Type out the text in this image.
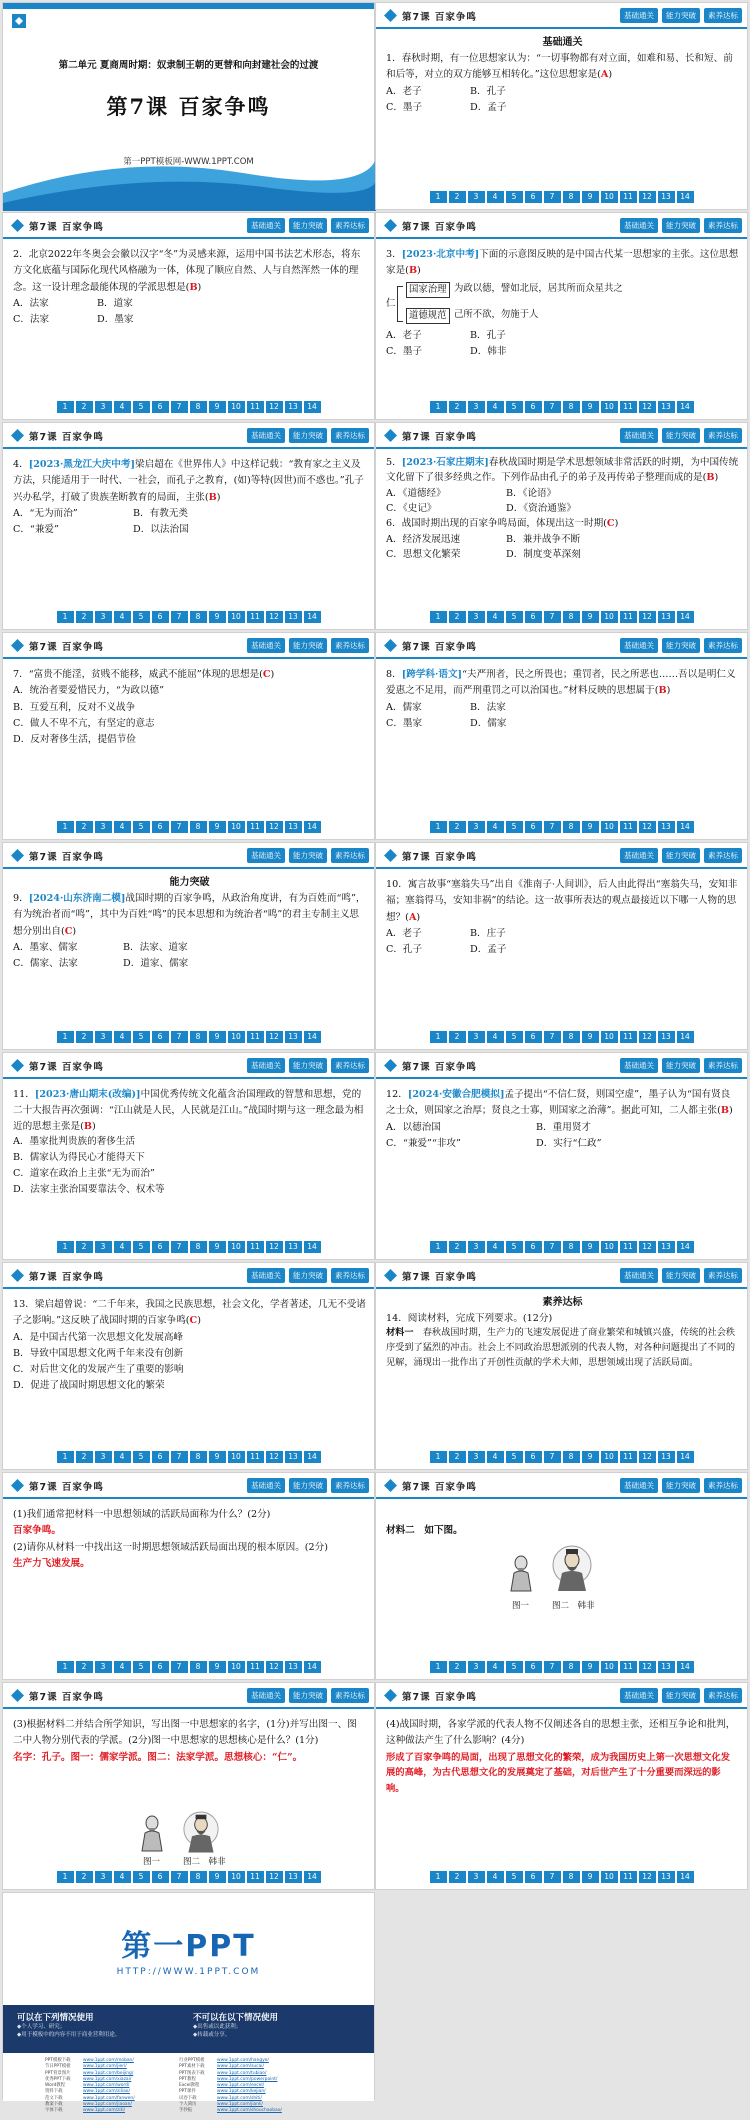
第二单元 夏商周时期：奴隶制王朝的更替和向封建社会的过渡
第7课 百家争鸣
第一PPT模板网-WWW.1PPT.COM
第7课 百家争鸣	基础通关	能力突破	素养达标
基础通关
1．春秋时期，有一位思想家认为：“一切事物都有对立面，如难和易、长和短、前和后等，对立的双方能够互相转化。”这位思想家是(A)
A．老子	B．孔子
C．墨子	D．孟子
1	2	3	4	5	6	7	8	9	10	11	12	13	14
第7课 百家争鸣	基础通关	能力突破	素养达标
2．北京2022年冬奥会会徽以汉字“冬”为灵感来源，运用中国书法艺术形态，将东方文化底蕴与国际化现代风格融为一体，体现了顺应自然、人与自然浑然一体的理念。这一设计理念最能体现的学派思想是(B)
A．法家	B．道家
C．法家	D．墨家
1	2	3	4	5	6	7	8	9	10	11	12	13	14
第7课 百家争鸣	基础通关	能力突破	素养达标
3．[2023·北京中考]下面的示意图反映的是中国古代某一思想家的主张。这位思想家是(B)
仁
国家治理 为政以德，譬如北辰，居其所而众星共之
道德规范 己所不欲，勿施于人
A．老子	B．孔子
C．墨子	D．韩非
1	2	3	4	5	6	7	8	9	10	11	12	13	14
第7课 百家争鸣	基础通关	能力突破	素养达标
4．[2023·黑龙江大庆中考]梁启超在《世界伟人》中这样记载：“教育家之主义及方法，只能适用于一时代、一社会，而孔子之教育，(如)等特(因世)而不惑也。”孔子兴办私学，打破了贵族垄断教育的局面，主张(B)
A．“无为而治”	B．有教无类
C．“兼爱”	D．以法治国
1	2	3	4	5	6	7	8	9	10	11	12	13	14
第7课 百家争鸣	基础通关	能力突破	素养达标
5．[2023·石家庄期末]春秋战国时期是学术思想领域非常活跃的时期，为中国传统文化留下了很多经典之作。下列作品由孔子的弟子及再传弟子整理而成的是(B)
A．《道德经》	B．《论语》
C．《史记》	D．《资治通鉴》
6．战国时期出现的百家争鸣局面，体现出这一时期(C)
A．经济发展迅速	B．兼并战争不断
C．思想文化繁荣	D．制度变革深刻
1	2	3	4	5	6	7	8	9	10	11	12	13	14
第7课 百家争鸣	基础通关	能力突破	素养达标
7．“富贵不能淫，贫贱不能移，威武不能屈”体现的思想是(C)
A．统治者要爱惜民力，“为政以德”
B．互爱互利，反对不义战争
C．做人不卑不亢，有坚定的意志
D．反对奢侈生活，提倡节俭
1	2	3	4	5	6	7	8	9	10	11	12	13	14
第7课 百家争鸣	基础通关	能力突破	素养达标
8．[跨学科·语文]“夫严刑者，民之所畏也；重罚者，民之所恶也……吾以是明仁义爱惠之不足用，而严刑重罚之可以治国也。”材料反映的思想属于(B)
A．儒家	B．法家
C．墨家	D．儒家
1	2	3	4	5	6	7	8	9	10	11	12	13	14
第7课 百家争鸣	基础通关	能力突破	素养达标
能力突破
9．[2024·山东济南二模]战国时期的百家争鸣，从政治角度讲，有为百姓而“鸣”，有为统治者而“鸣”，其中为百姓“鸣”的民本思想和为统治者“鸣”的君主专制主义思想分别出自(C)
A．墨家、儒家	B．法家、道家
C．儒家、法家	D．道家、儒家
1	2	3	4	5	6	7	8	9	10	11	12	13	14
第7课 百家争鸣	基础通关	能力突破	素养达标
10．寓言故事“塞翁失马”出自《淮南子·人间训》，后人由此得出“塞翁失马，安知非福；塞翁得马，安知非祸”的结论。这一故事所表达的观点最接近以下哪一人物的思想？(A)
A．老子	B．庄子
C．孔子	D．孟子
1	2	3	4	5	6	7	8	9	10	11	12	13	14
第7课 百家争鸣	基础通关	能力突破	素养达标
11．[2023·唐山期末(改编)]中国优秀传统文化蕴含治国理政的智慧和思想，党的二十大报告再次强调：“江山就是人民，人民就是江山。”战国时期与这一理念最为相近的思想主张是(B)
A．墨家批判贵族的奢侈生活
B．儒家认为得民心才能得天下
C．道家在政治上主张“无为而治”
D．法家主张治国要靠法令、权术等
1	2	3	4	5	6	7	8	9	10	11	12	13	14
第7课 百家争鸣	基础通关	能力突破	素养达标
12．[2024·安徽合肥模拟]孟子提出“不信仁贤，则国空虚”，墨子认为“国有贤良之士众，则国家之治厚；贤良之士寡，则国家之治薄”。据此可知，二人都主张(B)
A．以德治国	B．重用贤才
C．“兼爱”“非攻”	D．实行“仁政”
1	2	3	4	5	6	7	8	9	10	11	12	13	14
第7课 百家争鸣	基础通关	能力突破	素养达标
13．梁启超曾说：“二千年来，我国之民族思想，社会文化，学者著述，几无不受诸子之影响。”这反映了战国时期的百家争鸣(C)
A．是中国古代第一次思想文化发展高峰
B．导致中国思想文化两千年来没有创新
C．对后世文化的发展产生了重要的影响
D．促进了战国时期思想文化的繁荣
1	2	3	4	5	6	7	8	9	10	11	12	13	14
第7课 百家争鸣	基础通关	能力突破	素养达标
素养达标
14．阅读材料，完成下列要求。(12分)
材料一　 春秋战国时期，生产力的飞速发展促进了商业繁荣和城镇兴盛，传统的社会秩序受到了猛烈的冲击。社会上不同政治思想派别的代表人物，对各种问题提出了不同的见解，涌现出一批作出了开创性贡献的学术大师，思想领域出现了活跃局面。
1	2	3	4	5	6	7	8	9	10	11	12	13	14
第7课 百家争鸣	基础通关	能力突破	素养达标
(1)我们通常把材料一中思想领域的活跃局面称为什么？(2分)
百家争鸣。
(2)请你从材料一中找出这一时期思想领域活跃局面出现的根本原因。(2分)
生产力飞速发展。
1	2	3	4	5	6	7	8	9	10	11	12	13	14
第7课 百家争鸣	基础通关	能力突破	素养达标
材料二　如下图。
图一	图二　韩非
1	2	3	4	5	6	7	8	9	10	11	12	13	14
第7课 百家争鸣	基础通关	能力突破	素养达标
(3)根据材料二并结合所学知识，写出图一中思想家的名字，(1分)并写出图一、图二中人物分别代表的学派。(2分)图一中思想家的思想核心是什么？(1分)
名字：孔子。图一：儒家学派。图二：法家学派。思想核心：“仁”。
图一	图二　韩非
1	2	3	4	5	6	7	8	9	10	11	12	13	14
第7课 百家争鸣	基础通关	能力突破	素养达标
(4)战国时期，各家学派的代表人物不仅阐述各自的思想主张，还相互争论和批判，这种做法产生了什么影响？(4分)
形成了百家争鸣的局面，出现了思想文化的繁荣，成为我国历史上第一次思想文化发展的高峰，为古代思想文化的发展奠定了基础，对后世产生了十分重要而深远的影响。
1	2	3	4	5	6	7	8	9	10	11	12	13	14
第一PPT
HTTP://WWW.1PPT.COM
可以在下列情况使用
◆个人学习、研究；
◆用于模板中的内容不用于商业营利用途。
不可以在以下情况使用
◆出售或以此获利；
◆转载或分享。
PPT模板下载	www.1ppt.com/moban/
节日PPT模板	www.1ppt.com/jieri/
PPT背景图片	www.1ppt.com/beijing/
优秀PPT下载	www.1ppt.com/xiazai/
Word教程	www.1ppt.com/word/
资料下载	www.1ppt.com/ziliao/
范文下载	www.1ppt.com/fanwen/
教案下载	www.1ppt.com/jiaoan/
字体下载	www.1ppt.com/ziti/
行业PPT模板	www.1ppt.com/hangye/
PPT素材下载	www.1ppt.com/sucai/
PPT图表下载	www.1ppt.com/tubiao/
PPT教程	www.1ppt.com/powerpoint/
Excel教程	www.1ppt.com/excel/
PPT课件	www.1ppt.com/kejian/
试卷下载	www.1ppt.com/shiti/
个人简历	www.1ppt.com/jianli/
手抄报	www.1ppt.com/shouchaobao/
